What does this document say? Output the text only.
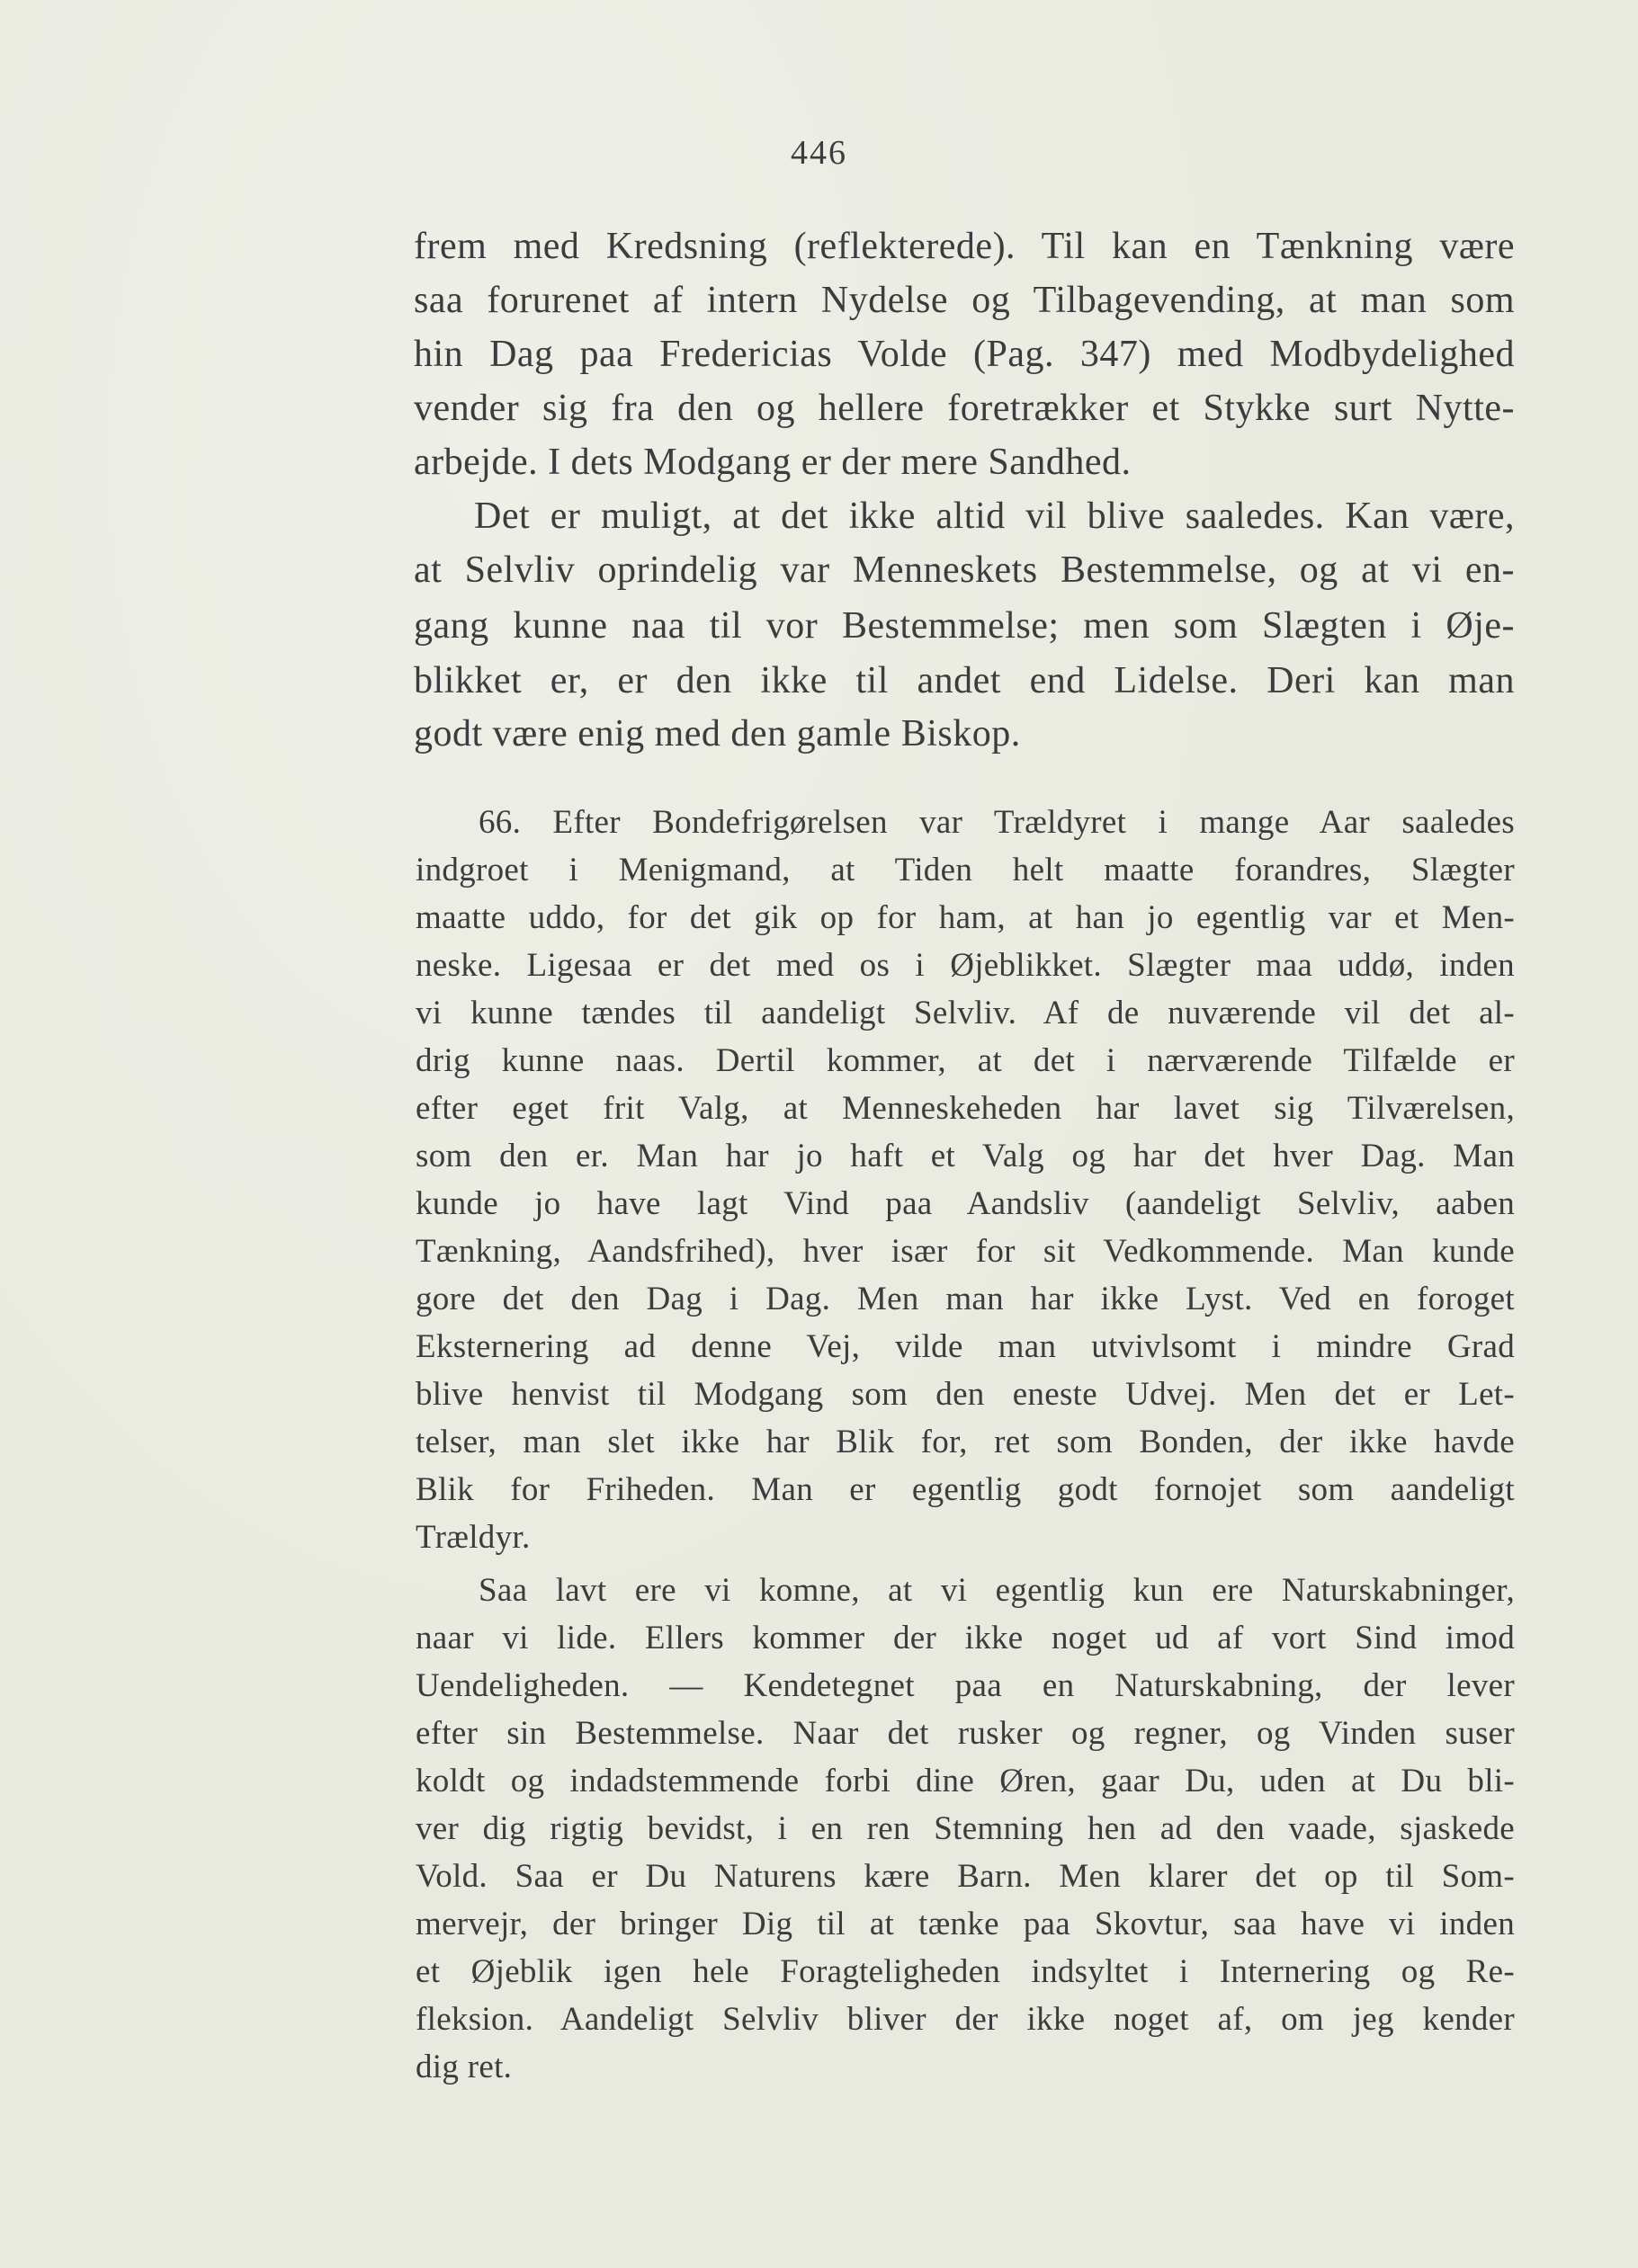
446
frem med Kredsning (reflekterede). Til kan en Tænkning være
saa forurenet af intern Nydelse og Tilbagevending, at man som
hin Dag paa Fredericias Volde (Pag. 347) med Modbydelighed
vender sig fra den og hellere foretrækker et Stykke surt Nytte-
arbejde. I dets Modgang er der mere Sandhed.
Det er muligt, at det ikke altid vil blive saaledes. Kan være,
at Selvliv oprindelig var Menneskets Bestemmelse, og at vi en-
gang kunne naa til vor Bestemmelse; men som Slægten i Øje-
blikket er, er den ikke til andet end Lidelse. Deri kan man
godt være enig med den gamle Biskop.
66. Efter Bondefrigørelsen var Trældyret i mange Aar saaledes
indgroet i Menigmand, at Tiden helt maatte forandres, Slægter
maatte uddo, for det gik op for ham, at han jo egentlig var et Men-
neske. Ligesaa er det med os i Øjeblikket. Slægter maa uddø, inden
vi kunne tændes til aandeligt Selvliv. Af de nuværende vil det al-
drig kunne naas. Dertil kommer, at det i nærværende Tilfælde er
efter eget frit Valg, at Menneskeheden har lavet sig Tilværelsen,
som den er. Man har jo haft et Valg og har det hver Dag. Man
kunde jo have lagt Vind paa Aandsliv (aandeligt Selvliv, aaben
Tænkning, Aandsfrihed), hver især for sit Vedkommende. Man kunde
gore det den Dag i Dag. Men man har ikke Lyst. Ved en foroget
Eksternering ad denne Vej, vilde man utvivlsomt i mindre Grad
blive henvist til Modgang som den eneste Udvej. Men det er Let-
telser, man slet ikke har Blik for, ret som Bonden, der ikke havde
Blik for Friheden. Man er egentlig godt fornojet som aandeligt
Trældyr.
Saa lavt ere vi komne, at vi egentlig kun ere Naturskabninger,
naar vi lide. Ellers kommer der ikke noget ud af vort Sind imod
Uendeligheden. — Kendetegnet paa en Naturskabning, der lever
efter sin Bestemmelse. Naar det rusker og regner, og Vinden suser
koldt og indadstemmende forbi dine Øren, gaar Du, uden at Du bli-
ver dig rigtig bevidst, i en ren Stemning hen ad den vaade, sjaskede
Vold. Saa er Du Naturens kære Barn. Men klarer det op til Som-
mervejr, der bringer Dig til at tænke paa Skovtur, saa have vi inden
et Øjeblik igen hele Foragteligheden indsyltet i Internering og Re-
fleksion. Aandeligt Selvliv bliver der ikke noget af, om jeg kender
dig ret.
